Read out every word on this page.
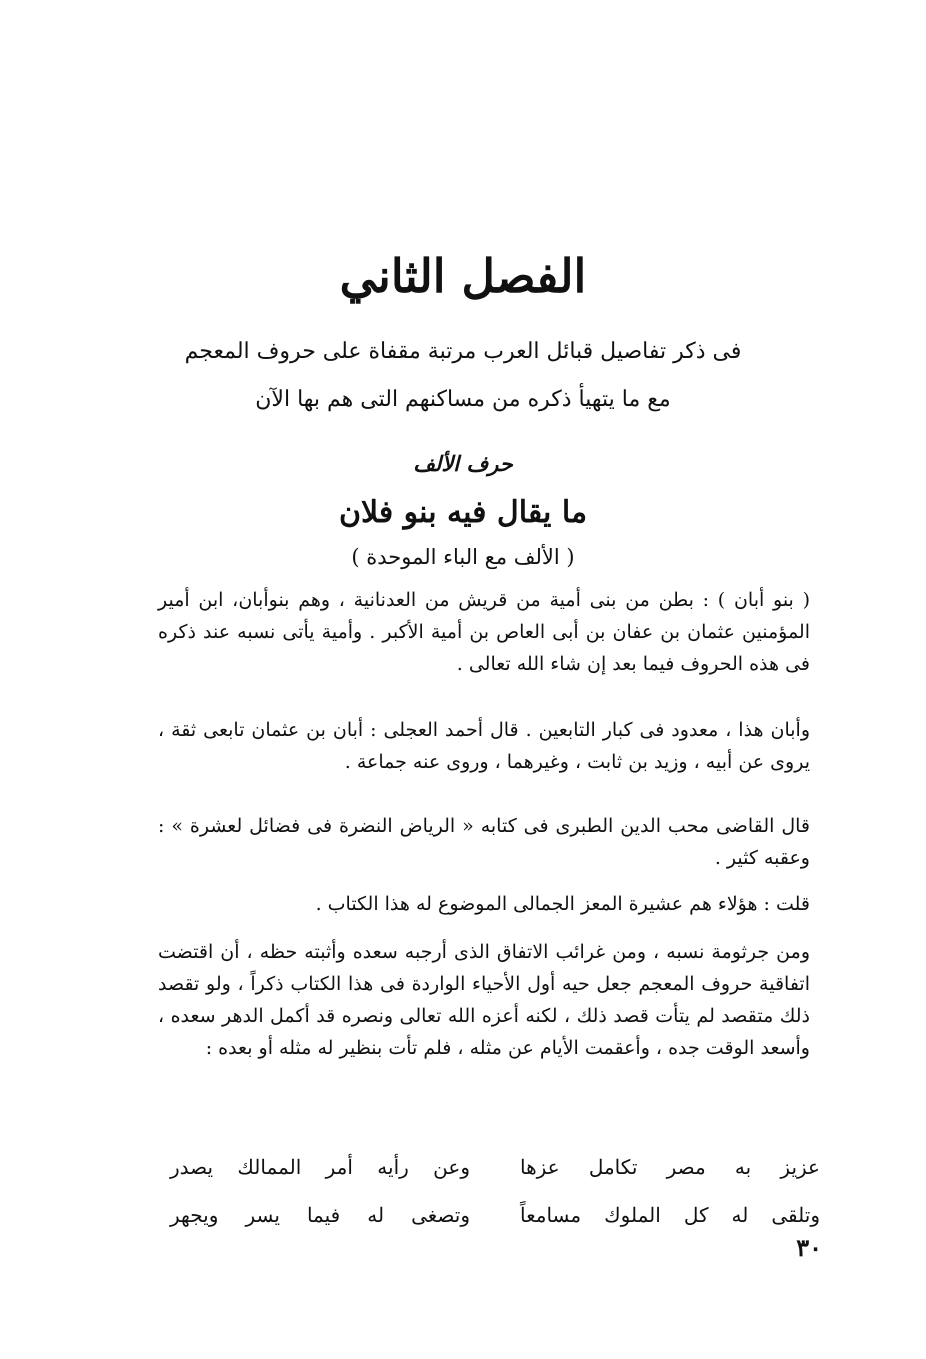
الفصل الثاني
فى ذكر تفاصيل قبائل العرب مرتبة مقفاة على حروف المعجم
مع ما يتهيأ ذكره من مساكنهم التى هم بها الآن
حرف الألف
ما يقال فيه بنو فلان
( الألف مع الباء الموحدة )

( بنو أبان ) : بطن من بنى أمية من قريش من العدنانية ، وهم بنوأبان، ابن أمير المؤمنين عثمان بن عفان بن أبى العاص بن أمية الأكبر . وأمية يأتى نسبه عند ذكره فى هذه الحروف فيما بعد إن شاء الله تعالى .

وأبان هذا ، معدود فى كبار التابعين . قال أحمد العجلى : أبان بن عثمان تابعى ثقة ، يروى عن أبيه ، وزيد بن ثابت ، وغيرهما ، وروى عنه جماعة .

قال القاضى محب الدين الطبرى فى كتابه « الرياض النضرة فى فضائل لعشرة » : وعقبه كثير .

قلت : هؤلاء هم عشيرة المعز الجمالى الموضوع له هذا الكتاب .

ومن جرثومة نسبه ، ومن غرائب الاتفاق الذى أرجبه سعده وأثبته حظه ، أن اقتضت اتفاقية حروف المعجم جعل حيه أول الأحياء الواردة فى هذا الكتاب ذكراً ، ولو تقصد ذلك متقصد لم يتأت قصد ذلك ، لكنه أعزه الله تعالى ونصره قد أكمل الدهر سعده ، وأسعد الوقت جده ، وأعقمت الأيام عن مثله ، فلم تأت بنظير له مثله أو بعده :

عزيز به مصر تكامل عزها
وعن رأيه أمر الممالك يصدر
وتلقى له كل الملوك مسامعاً
وتصغى له فيما يسر ويجهر
٣٠
